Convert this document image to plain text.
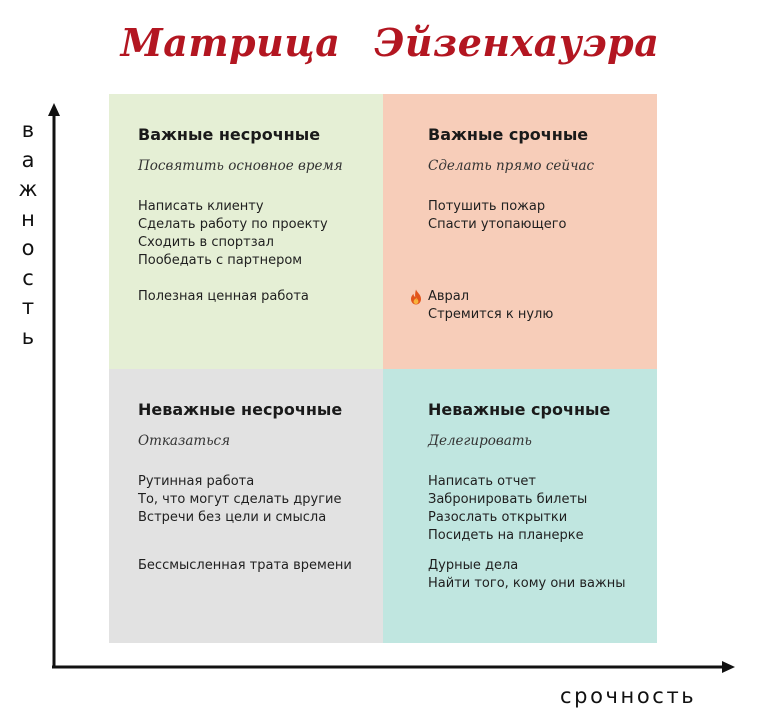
Матрица Эйзенхауэра
в
а
ж
н
о
с
т
ь
срочность
Важные несрочные
Посвятить основное время
Написать клиенту
Сделать работу по проекту
Сходить в спортзал
Пообедать с партнером
Полезная ценная работа
Важные срочные
Сделать прямо сейчас
Потушить пожар
Спасти утопающего
Аврал
Стремится к нулю
Неважные несрочные
Отказаться
Рутинная работа
То, что могут сделать другие
Встречи без цели и смысла
Бессмысленная трата времени
Неважные срочные
Делегировать
Написать отчет
Забронировать билеты
Разослать открытки
Посидеть на планерке
Дурные дела
Найти того, кому они важны
